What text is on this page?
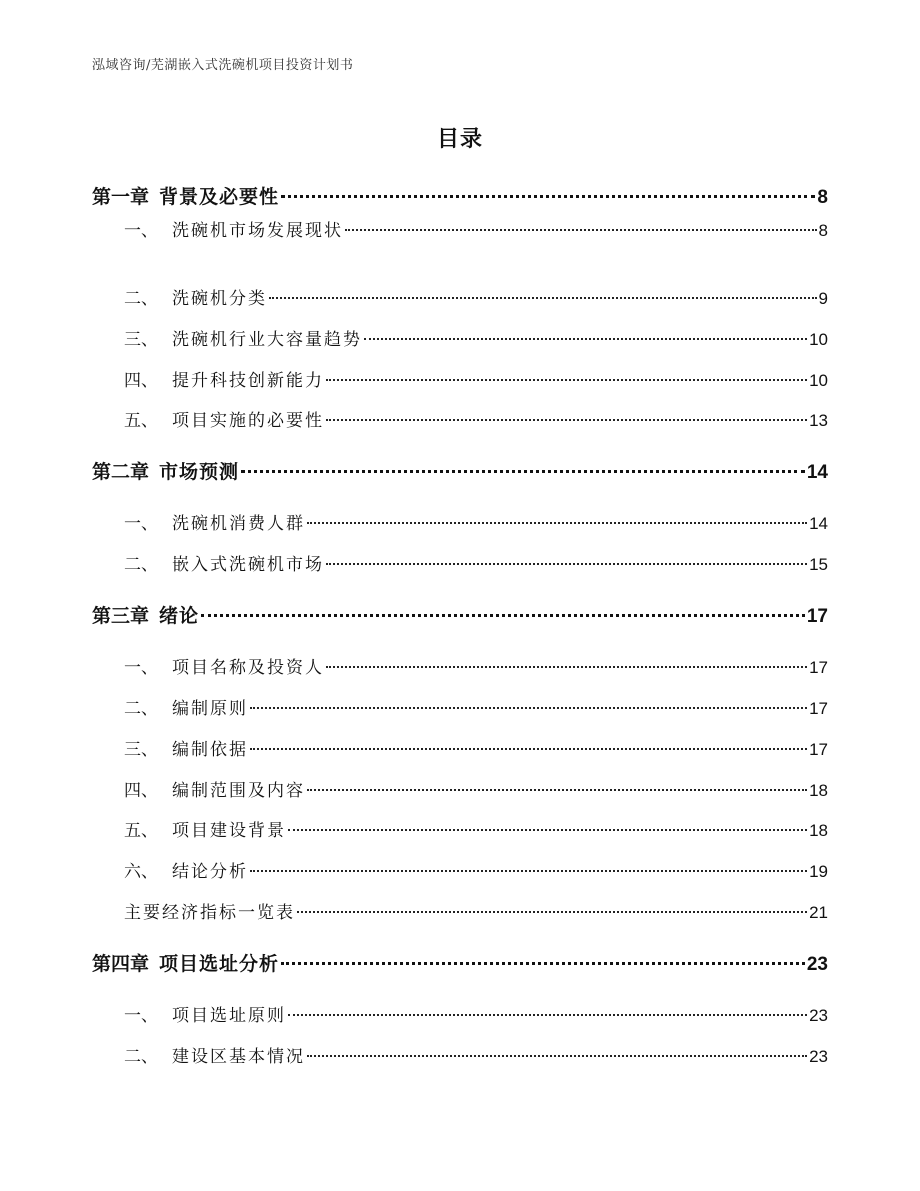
泓域咨询/芜湖嵌入式洗碗机项目投资计划书
目录
第一章 背景及必要性	8
一、 洗碗机市场发展现状	8
二、 洗碗机分类	9
三、 洗碗机行业大容量趋势	10
四、 提升科技创新能力	10
五、 项目实施的必要性	13
第二章 市场预测	14
一、 洗碗机消费人群	14
二、 嵌入式洗碗机市场	15
第三章 绪论	17
一、 项目名称及投资人	17
二、 编制原则	17
三、 编制依据	17
四、 编制范围及内容	18
五、 项目建设背景	18
六、 结论分析	19
主要经济指标一览表	21
第四章 项目选址分析	23
一、 项目选址原则	23
二、 建设区基本情况	23
